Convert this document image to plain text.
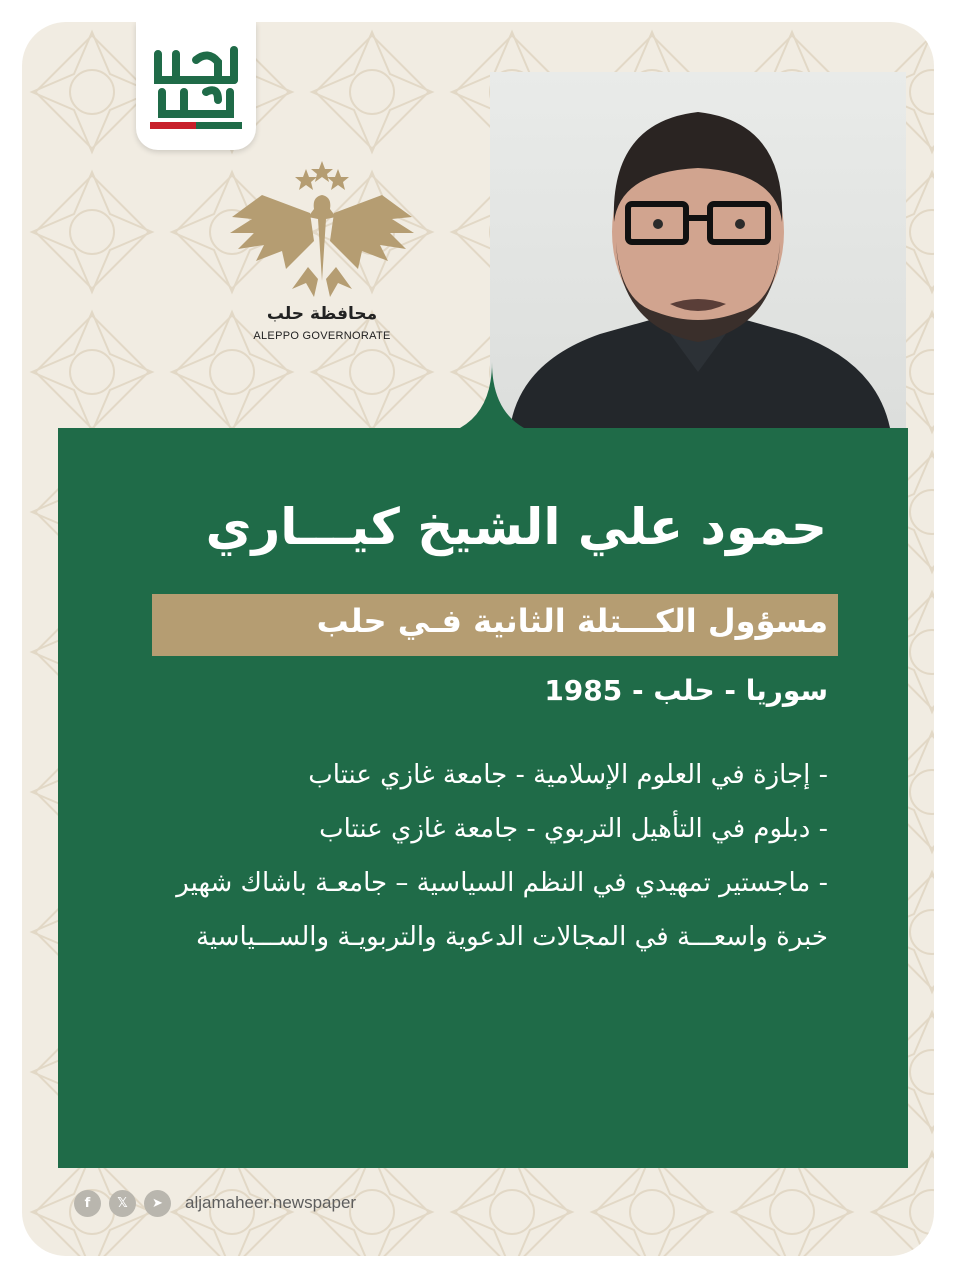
محافظة حلب
ALEPPO GOVERNORATE
حمود علي الشيخ كيـــاري
مسؤول الكـــتلة الثانية فـي حلب
سوريا - حلب - 1985

- إجازة في العلوم الإسلامية - جامعة غازي عنتاب

- دبلوم في التأهيل التربوي - جامعة غازي عنتاب

- ماجستير تمهيدي في النظم السياسية – جامعـة باشاك شهير

خبرة واسعـــة في المجالات الدعوية والتربويـة والســـياسية

f	𝕏	➤	aljamaheer.newspaper
